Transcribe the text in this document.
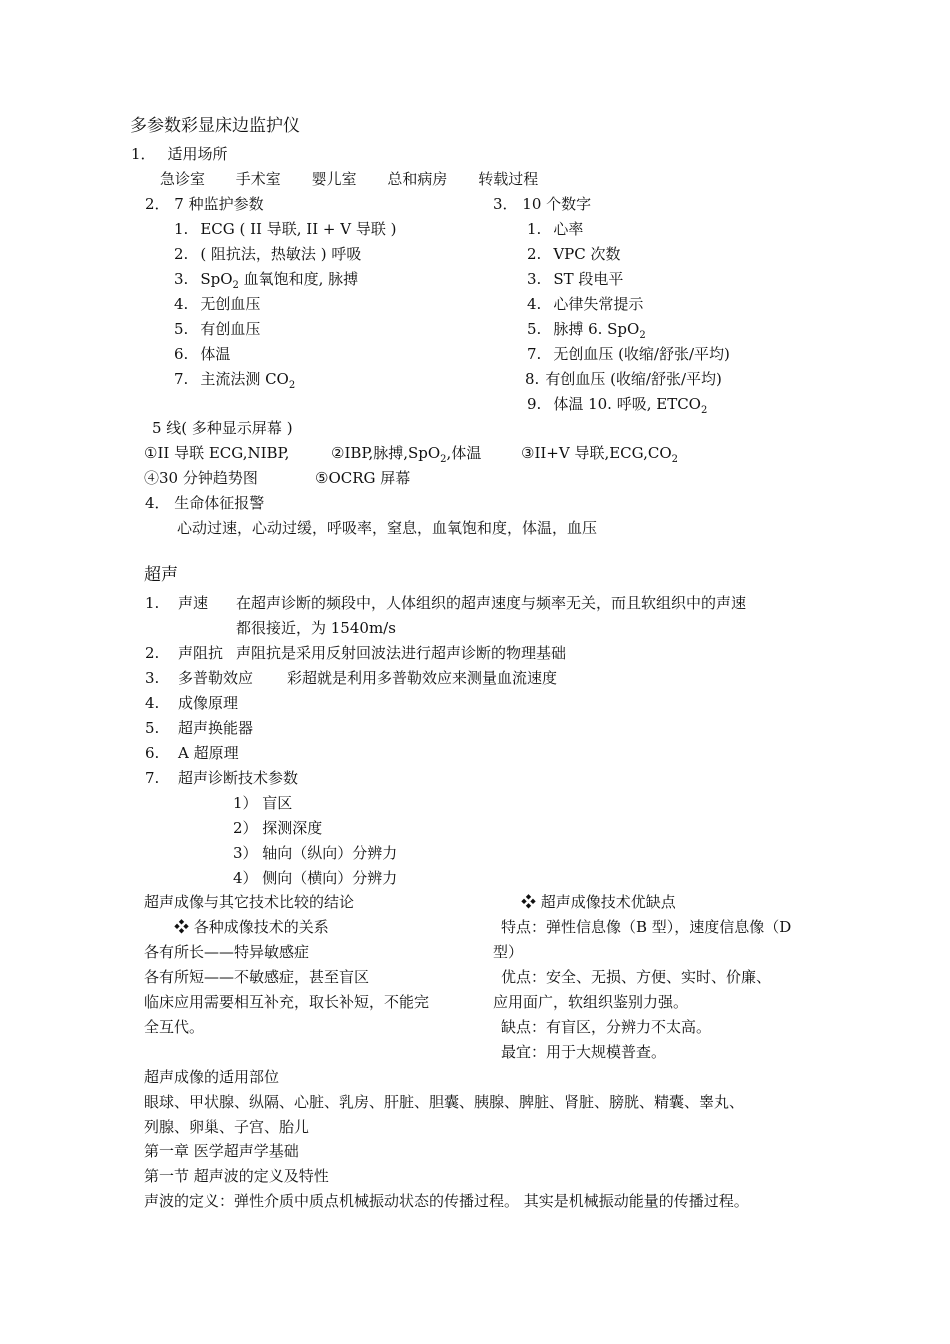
多参数彩显床边监护仪
1． 适用场所
急诊室 手术室 婴儿室 总和病房 转载过程
2． 7 种监护参数
1. ECG ( II 导联, II + V 导联 )
2. ( 阻抗法，热敏法 ) 呼吸
3. SpO$_2$ 血氧饱和度, 脉搏
4. 无创血压
5. 有创血压
6. 体温
7. 主流法测 $CO_2$
3． 10 个数字
1. 心率
2. VPC 次数
3. ST 段电平
4. 心律失常提示
5. 脉搏 6. SpO$_2$
7. 无创血压 (收缩/舒张/平均)
8. 有创血压 (收缩/舒张/平均)
9. 体温 10. 呼吸, $ETCO_2$
5 线( 多种显示屏幕 )
①II 导联 ECG,NIBP,	②IBP,脉搏,SpO$_2$,体温	③II+V 导联$,ECG,CO_2$
④30 分钟趋势图	⑤OCRG 屏幕
4． 生命体征报警
心动过速，心动过缓，呼吸率，窒息，血氧饱和度，体温，血压
超声
1. 声速 在超声诊断的频段中，人体组织的超声速度与频率无关，而且软组织中的声速
都很接近，为 1540m/s
2. 声阻抗 声阻抗是采用反射回波法进行超声诊断的物理基础
3. 多普勒效应 彩超就是利用多普勒效应来测量血流速度
4. 成像原理
5. 超声换能器
6. A 超原理
7. 超声诊断技术参数
1） 盲区
2） 探测深度
3） 轴向（纵向）分辨力
4） 侧向（横向）分辨力
超声成像与其它技术比较的结论
❖ 各种成像技术的关系
各有所长——特异敏感症
各有所短——不敏感症，甚至盲区
临床应用需要相互补充，取长补短，不能完
全互代。
❖ 超声成像技术优缺点
特点：弹性信息像（B 型），速度信息像（D
型）
优点：安全、无损、方便、实时、价廉、
应用面广，软组织鉴别力强。
缺点：有盲区，分辨力不太高。
最宜：用于大规模普查。
超声成像的适用部位
眼球、甲状腺、纵隔、心脏、乳房、肝脏、胆囊、胰腺、脾脏、肾脏、膀胱、精囊、睾丸、
列腺、卵巢、子宫、胎儿
第一章 医学超声学基础
第一节 超声波的定义及特性
声波的定义：弹性介质中质点机械振动状态的传播过程。 其实是机械振动能量的传播过程。
